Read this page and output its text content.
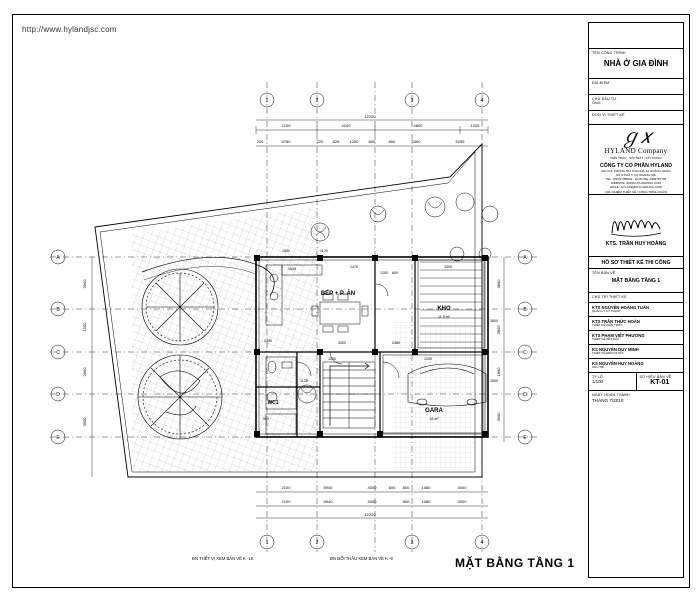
http://www.hylandjsc.com
1	2	3	4
1	2	3	4
A
B
C
D
E
A
B
C
D
E
2100	4100	4800	1025
12220
200	3780	220 625	1200	600	800	3300	5295
2100	5940	4000	600 800	1080	4000
2100	5940	4000	800	1080	4000
12220
3900
1500
2800
3900
3800
3800
1800
3900
1800	1120
1545	1470
1200 600
3300
3390	3300	2480
900
1125
1050	1200
3800
1800
BẾP + P. ĂN
KHO
11.5 m²
GARA
18 m²
WC1
ĐN THỂT VỊ XEM BẢN VẼ K -1K	ĐN ĐỔI THẦU XEM BẢN VẼ K -9	MẶT BẰNG TẦNG 1
TÊN CÔNG TRÌNH
NHÀ Ở GIA ĐÌNH
ĐỊA ĐIỂM
CHỦ ĐẦU TƯ
ÔNG
ĐƠN VỊ THIẾT KẾ
ℊ𝑥
HYLAND Company
KIẾN TRÚC - NỘI THẤT - XÂY DỰNG
CÔNG TY CỔ PHẦN HYLAND
ĐỊA CHỈ: PHÒNG 504 TÒA NHÀ A2 HOÀNG NGÂN
SỐ 9 PHỐ T. TỰ KHANH NỘI
TEL: (04)62 685631 - HOTLINE: 0983797705
WEBSITE: WWW.HYLANDJSC.COM
EMAIL: HYLAND@HYLANDJSC.COM
CHỦ NHIỆM THIẾT KẾ / CÔNG TRÌNH NGÂN
KTS. TRẦN HUY HOÀNG
HỒ SƠ THIẾT KẾ THI CÔNG
TÊN BẢN VẼ
MẶT BẰNG TẦNG 1
CHỦ TRÌ THIẾT KẾ
KTS NGUYỄN HOÀNG TUẤN
QUẢN LÝ KỸ THUẬT
KTS TRẦN THỨC HOÀN
THIẾT KẾ KIẾN TRÚC
KTS PHẠM VIỆT PHƯƠNG
THIẾT KẾ KẾT CẤU
KS NGUYỄN DUY MINH
THIẾT KẾ ĐIỆN NƯỚC
KS NGUYỄN HUY HOÀNG
CHỦ TRÌ
TỶ LỆ
1/100
SỐ HIỆU BẢN VẼ
KT-01
NGÀY HOÀN THÀNH
THÁNG 7/2010
